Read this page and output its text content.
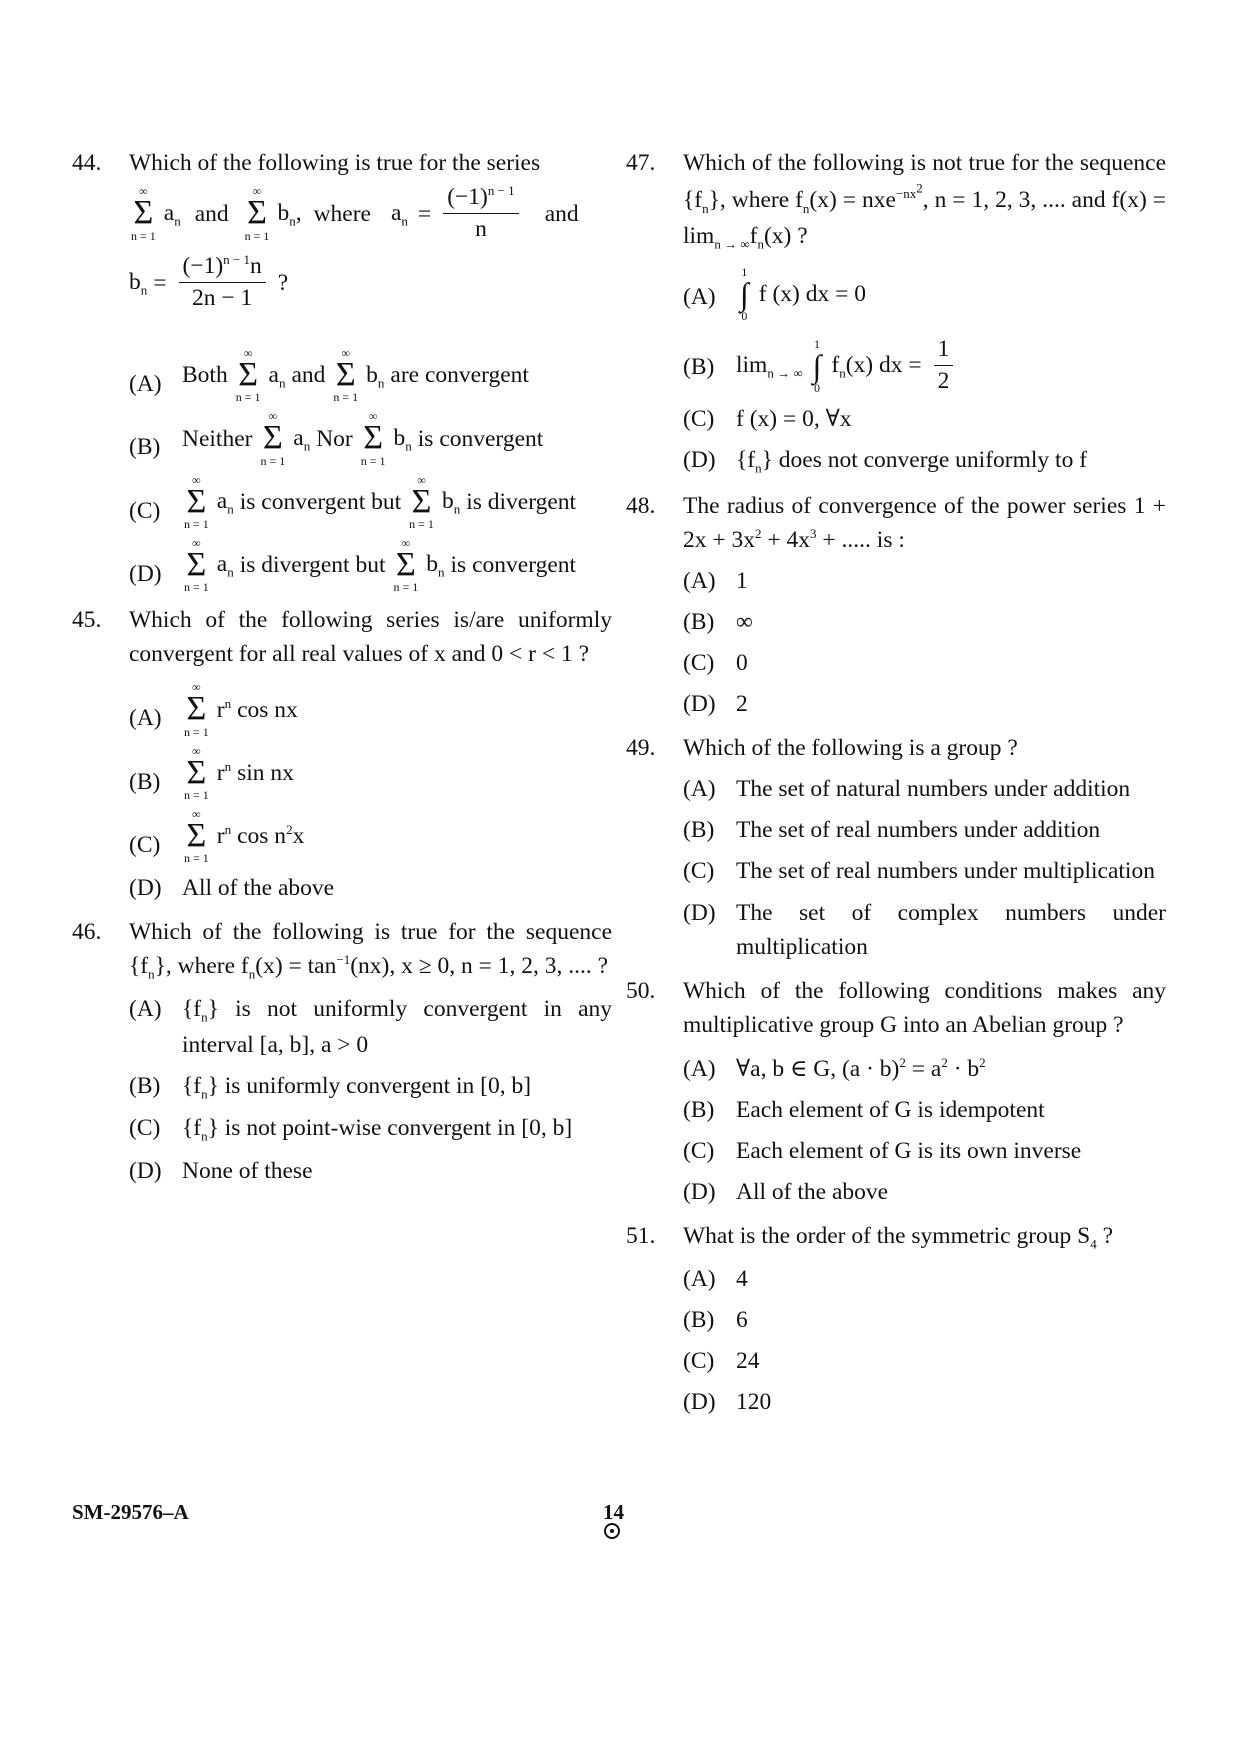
44. Which of the following is true for the series
∞
Σ
n = 1
$a_n$ and
∞
Σ
n = 1
$b_n$, where $a_n = \frac{(-1)^{n - 1}}{n}$ and
$b_n = \frac{(-1)^{n - 1}n}{2n - 1}$ ?
(A) Both
∞
Σ
n = 1
$a_n$ and
∞
Σ
n = 1
$b_n$ are convergent
(B) Neither
∞
Σ
n = 1
$a_n$ Nor
∞
Σ
n = 1
$b_n$ is convergent
(C)
∞
Σ
n = 1
$a_n$ is convergent but
∞
Σ
n = 1
$b_n$ is divergent
(D)
∞
Σ
n = 1
$a_n$ is divergent but
∞
Σ
n = 1
$b_n$ is convergent
45. Which of the following series is/are uniformly convergent for all real values of x and 0 < r < 1 ?
(A)
∞
Σ
n = 1
$r^n$ cos nx
(B)
∞
Σ
n = 1
$r^n$ sin nx
(C)
∞
Σ
n = 1
$r^n$ $\cos n^2x$
(D) All of the above
46. Which of the following is true for the sequence $\{f_n\}$, where $f_n(x) = \tan^{-1}(nx)$, x ≥ 0, n = 1, 2, 3, .... ?
(A) $\{f_n\}$ is not uniformly convergent in any interval [a, b], a > 0
(B) $\{f_n\}$ is uniformly convergent in [0, b]
(C) $\{f_n\}$ is not point-wise convergent in [0, b]
(D) None of these
47. Which of the following is not true for the sequence $\{f_n\}$, where $f_n(x) = nxe^{-nx^2}$, n = 1, 2, 3, .... and $f(x) = \lim_{n \to \infty}f_n(x)$ ?
(A)
1
∫
0
f (x) dx = 0
(B) $\lim_{n \to \infty}$
1
∫
0
$f_n(x)$ dx = $\frac{1}{2}$
(C) f (x) = 0, ∀x
(D) $\{f_n\}$ does not converge uniformly to f
48. The radius of convergence of the power series $1 + 2x + 3x^2 + 4x^3$ + ..... is :
(A) 1
(B) ∞
(C) 0
(D) 2
49. Which of the following is a group ?
(A) The set of natural numbers under addition
(B) The set of real numbers under addition
(C) The set of real numbers under multiplication
(D) The set of complex numbers under multiplication
50. Which of the following conditions makes any multiplicative group G into an Abelian group ?
(A) ∀a, b ∈ G, $(a \cdot b)^2 = a^2 \cdot b^2$
(B) Each element of G is idempotent
(C) Each element of G is its own inverse
(D) All of the above
51. What is the order of the symmetric group $S_4$ ?
(A) 4
(B) 6
(C) 24
(D) 120
SM-29576–A	14
